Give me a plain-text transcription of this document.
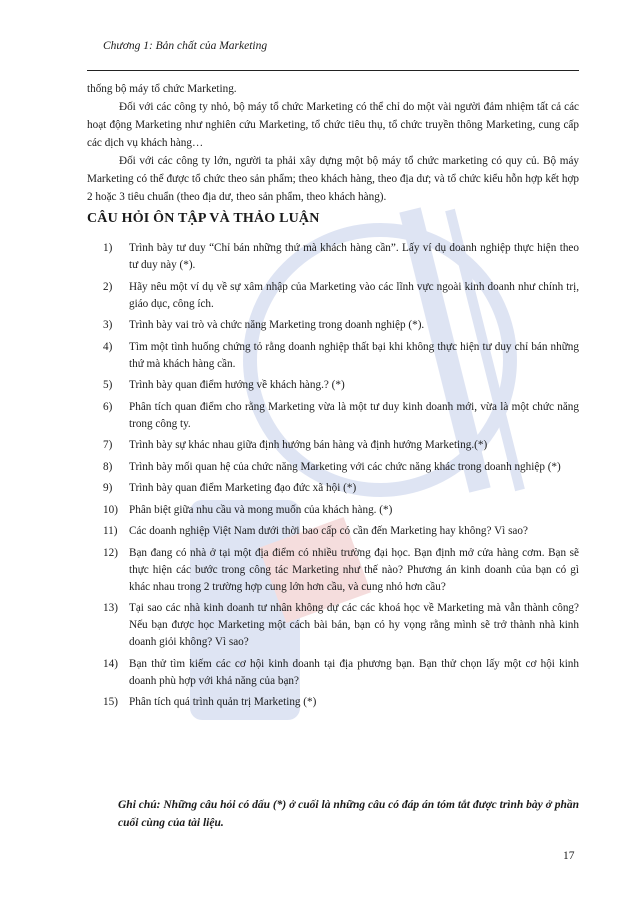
Chương 1: Bản chất của Marketing

thống bộ máy tổ chức Marketing.

Đối với các công ty nhỏ, bộ máy tổ chức Marketing có thể chỉ do một vài người đảm nhiệm tất cả các hoạt động Marketing như nghiên cứu Marketing, tổ chức tiêu thụ, tổ chức truyền thông Marketing, cung cấp các dịch vụ khách hàng…

Đối với các công ty lớn, người ta phải xây dựng một bộ máy tổ chức marketing có quy củ. Bộ máy Marketing có thể được tổ chức theo sản phẩm; theo khách hàng, theo địa dư; và tổ chức kiểu hỗn hợp kết hợp 2 hoặc 3 tiêu chuẩn (theo địa dư, theo sản phẩm, theo khách hàng).

CÂU HỎI ÔN TẬP VÀ THẢO LUẬN
1)	Trình bày tư duy “Chỉ bán những thứ mà khách hàng cần”. Lấy ví dụ doanh nghiệp thực hiện theo tư duy này (*).
2)	Hãy nêu một ví dụ về sự xâm nhập của Marketing vào các lĩnh vực ngoài kinh doanh như chính trị, giáo dục, công ích.
3)	Trình bày vai trò và chức năng Marketing trong doanh nghiệp (*).
4)	Tìm một tình huống chứng tỏ rằng doanh nghiệp thất bại khi không thực hiện tư duy chỉ bán những thứ mà khách hàng cần.
5)	Trình bày quan điểm hướng về khách hàng.? (*)
6)	Phân tích quan điểm cho rằng Marketing vừa là một tư duy kinh doanh mới, vừa là một chức năng trong công ty.
7)	Trình bày sự khác nhau giữa định hướng bán hàng và định hướng Marketing.(*)
8)	Trình bày mối quan hệ của chức năng Marketing với các chức năng khác trong doanh nghiệp (*)
9)	Trình bày quan điểm Marketing đạo đức xã hội (*)
10) Phân biệt giữa nhu cầu và mong muốn của khách hàng. (*)
11)	Các doanh nghiệp Việt Nam dưới thời bao cấp có cần đến Marketing hay không? Vì sao?
12) Bạn đang có nhà ở tại một địa điểm có nhiều trường đại học. Bạn định mở cửa hàng cơm. Bạn sẽ thực hiện các bước trong công tác Marketing như thế nào? Phương án kinh doanh của bạn có gì khác nhau trong 2 trường hợp cung lớn hơn cầu, và cung nhỏ hơn cầu?
13) Tại sao các nhà kinh doanh tư nhân không dự các các khoá học về Marketing mà vẫn thành công? Nếu bạn được học Marketing một cách bài bản, bạn có hy vọng rằng mình sẽ trở thành nhà kinh doanh giỏi không? Vì sao?
14) Bạn thử tìm kiếm các cơ hội kinh doanh tại địa phương bạn. Bạn thử chọn lấy một cơ hội kinh doanh phù hợp với khả năng của bạn?
15) Phân tích quá trình quản trị Marketing (*)
Ghi chú: Những câu hỏi có dấu (*) ở cuối là những câu có đáp án tóm tắt được trình bày ở phần cuối cùng của tài liệu.
17
